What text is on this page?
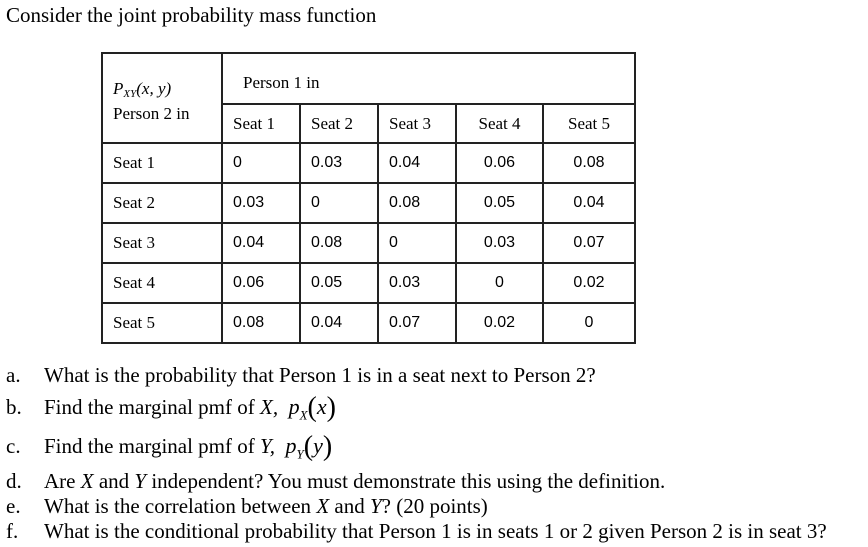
Consider the joint probability mass function
$P_{XY}(x$, y)
Person 2 in	Person 1 in				
	Seat 1	Seat 2	Seat 3	Seat 4	Seat 5
Seat 1	0	0.03	0.04	0.06	0.08
Seat 2	0.03	0	0.08	0.05	0.04
Seat 3	0.04	0.08	0	0.03	0.07
Seat 4	0.06	0.05	0.03	0	0.02
Seat 5	0.08	0.04	0.07	0.02	0
a.	What is the probability that Person 1 is in a seat next to Person 2?
b.	Find the marginal pmf of X, $p_X(x)$
c.	Find the marginal pmf of Y, $p_Y(y)$
d.	Are X and Y independent? You must demonstrate this using the definition.
e.	What is the correlation between X and Y? (20 points)
f.	What is the conditional probability that Person 1 is in seats 1 or 2 given Person 2 is in seat 3?
